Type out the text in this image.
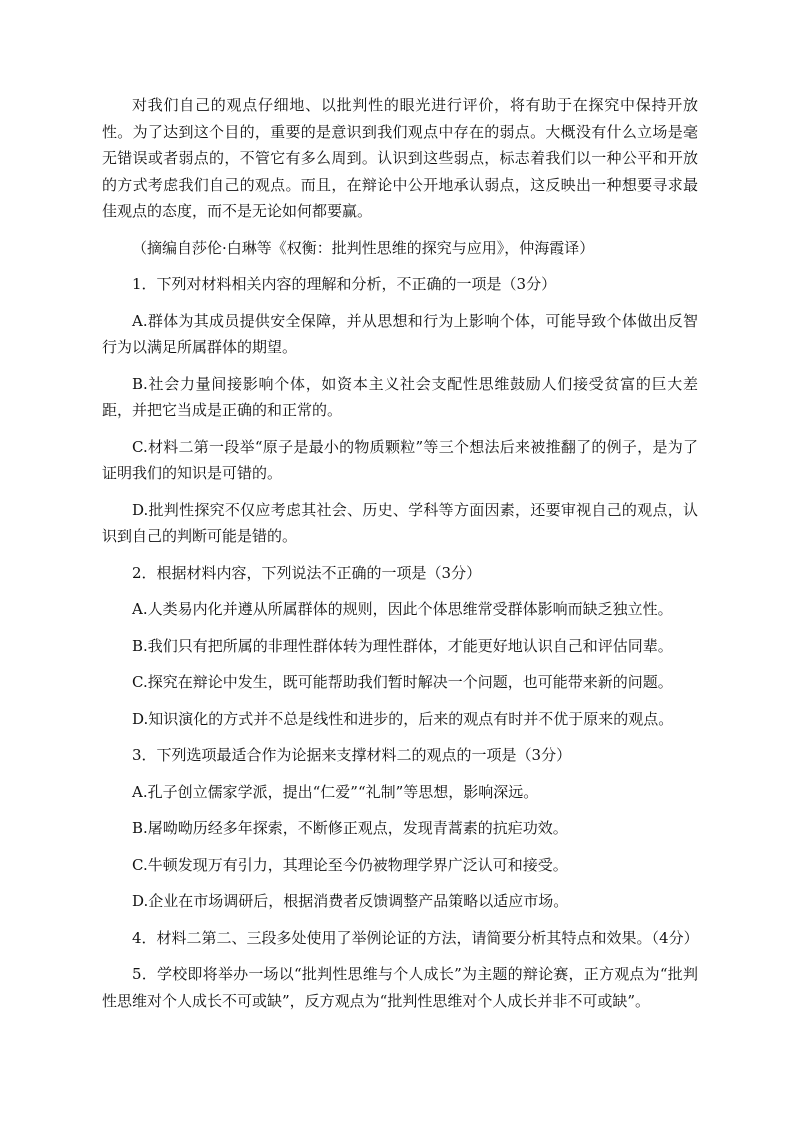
对我们自己的观点仔细地、以批判性的眼光进行评价，将有助于在探究中保持开放性。为了达到这个目的，重要的是意识到我们观点中存在的弱点。大概没有什么立场是毫无错误或者弱点的，不管它有多么周到。认识到这些弱点，标志着我们以一种公平和开放的方式考虑我们自己的观点。而且，在辩论中公开地承认弱点，这反映出一种想要寻求最佳观点的态度，而不是无论如何都要赢。

（摘编自莎伦·白琳等《权衡：批判性思维的探究与应用》，仲海霞译）

1．下列对材料相关内容的理解和分析，不正确的一项是（3分）

A.群体为其成员提供安全保障，并从思想和行为上影响个体，可能导致个体做出反智行为以满足所属群体的期望。

B.社会力量间接影响个体，如资本主义社会支配性思维鼓励人们接受贫富的巨大差距，并把它当成是正确的和正常的。

C.材料二第一段举“原子是最小的物质颗粒”等三个想法后来被推翻了的例子，是为了证明我们的知识是可错的。

D.批判性探究不仅应考虑其社会、历史、学科等方面因素，还要审视自己的观点，认识到自己的判断可能是错的。

2．根据材料内容，下列说法不正确的一项是（3分）

A.人类易内化并遵从所属群体的规则，因此个体思维常受群体影响而缺乏独立性。

B.我们只有把所属的非理性群体转为理性群体，才能更好地认识自己和评估同辈。

C.探究在辩论中发生，既可能帮助我们暂时解决一个问题，也可能带来新的问题。

D.知识演化的方式并不总是线性和进步的，后来的观点有时并不优于原来的观点。

3．下列选项最适合作为论据来支撑材料二的观点的一项是（3分）

A.孔子创立儒家学派，提出“仁爱”“礼制”等思想，影响深远。

B.屠呦呦历经多年探索，不断修正观点，发现青蒿素的抗疟功效。

C.牛顿发现万有引力，其理论至今仍被物理学界广泛认可和接受。

D.企业在市场调研后，根据消费者反馈调整产品策略以适应市场。

4．材料二第二、三段多处使用了举例论证的方法，请简要分析其特点和效果。（4分）

5．学校即将举办一场以“批判性思维与个人成长”为主题的辩论赛，正方观点为“批判性思维对个人成长不可或缺”，反方观点为“批判性思维对个人成长并非不可或缺”。
